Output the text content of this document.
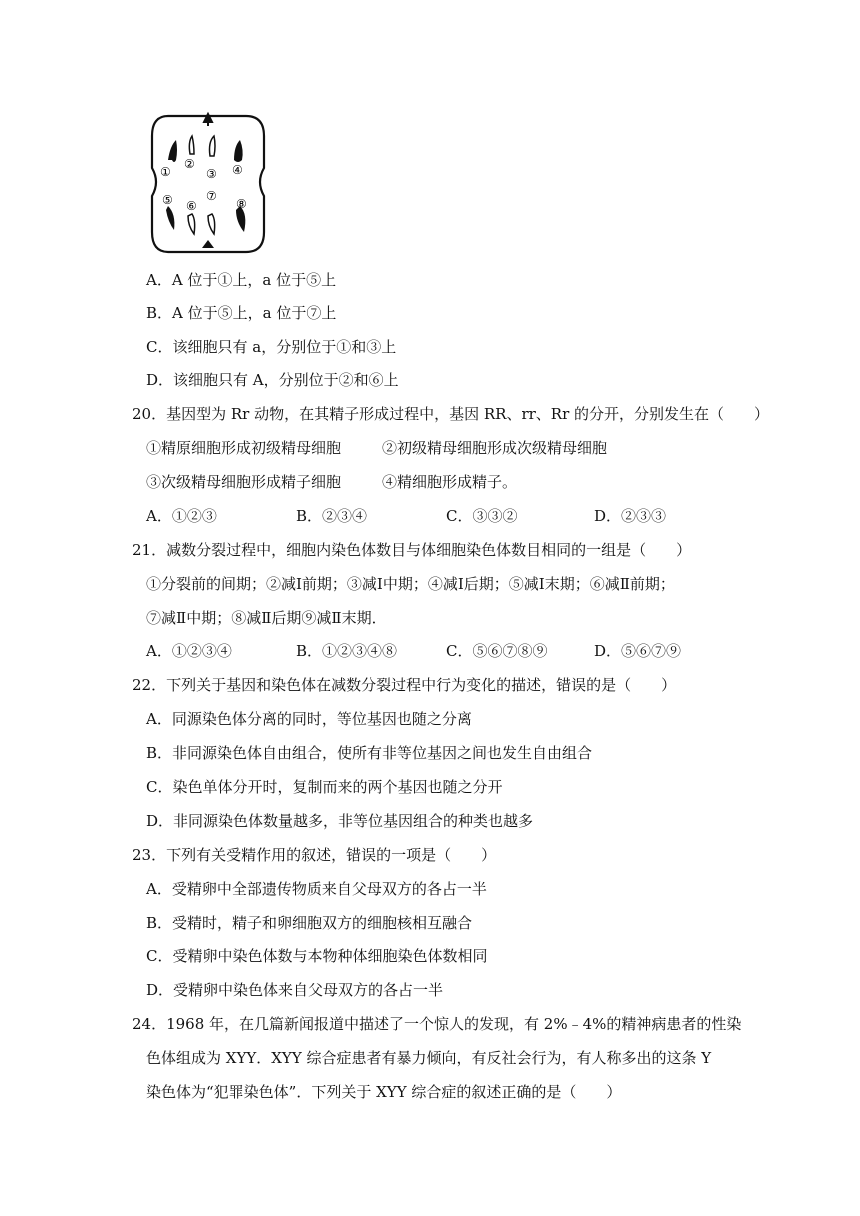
①
②
③ ④
⑤ ⑥
⑦
⑧
A．A 位于①上，a 位于⑤上
B．A 位于⑤上，a 位于⑦上
C．该细胞只有 a，分别位于①和③上
D．该细胞只有 A，分别位于②和⑥上
20．基因型为 Rr 动物，在其精子形成过程中，基因 RR、rr、Rr 的分开，分别发生在（　　）
①精原细胞形成初级精母细胞	②初级精母细胞形成次级精母细胞
③次级精母细胞形成精子细胞	④精细胞形成精子。
A．①②③	B．②③④	C．③③②	D．②③③
21．减数分裂过程中，细胞内染色体数目与体细胞染色体数目相同的一组是（　　）
①分裂前的间期；②减Ⅰ前期；③减Ⅰ中期；④减Ⅰ后期；⑤减Ⅰ末期；⑥减Ⅱ前期；
⑦减Ⅱ中期；⑧减Ⅱ后期⑨减Ⅱ末期．
A．①②③④	B．①②③④⑧	C．⑤⑥⑦⑧⑨	D．⑤⑥⑦⑨
22．下列关于基因和染色体在减数分裂过程中行为变化的描述，错误的是（　　）
A．同源染色体分离的同时，等位基因也随之分离
B．非同源染色体自由组合，使所有非等位基因之间也发生自由组合
C．染色单体分开时，复制而来的两个基因也随之分开
D．非同源染色体数量越多，非等位基因组合的种类也越多
23．下列有关受精作用的叙述，错误的一项是（　　）
A．受精卵中全部遗传物质来自父母双方的各占一半
B．受精时，精子和卵细胞双方的细胞核相互融合
C．受精卵中染色体数与本物种体细胞染色体数相同
D．受精卵中染色体来自父母双方的各占一半
24．1968 年，在几篇新闻报道中描述了一个惊人的发现，有 2%﹣4%的精神病患者的性染
色体组成为 XYY．XYY 综合症患者有暴力倾向，有反社会行为，有人称多出的这条 Y
染色体为“犯罪染色体”．下列关于 XYY 综合症的叙述正确的是（　　）
